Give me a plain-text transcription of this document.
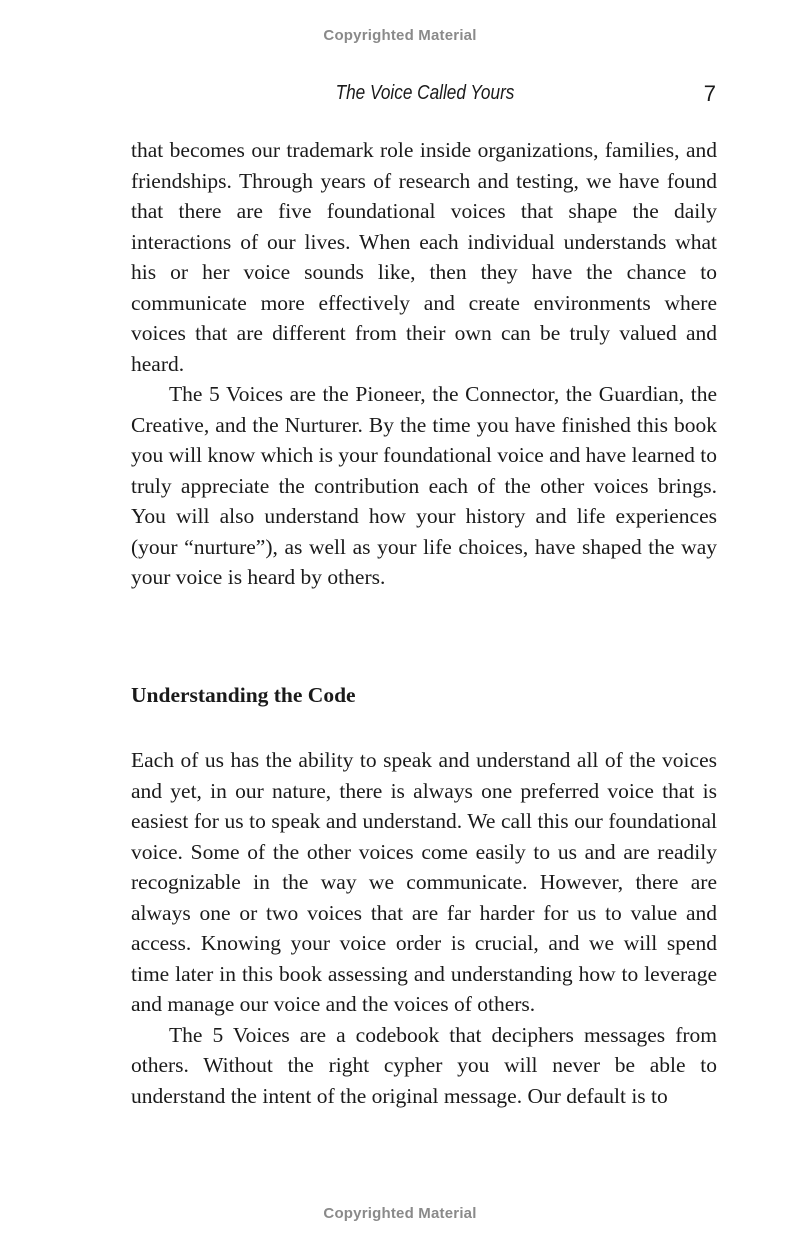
Copyrighted Material
The Voice Called Yours	7

that becomes our trademark role inside organizations, families, and friendships. Through years of research and testing, we have found that there are five foundational voices that shape the daily interactions of our lives. When each individual understands what his or her voice sounds like, then they have the chance to communicate more effectively and create environments where voices that are different from their own can be truly valued and heard.

The 5 Voices are the Pioneer, the Connector, the Guardian, the Creative, and the Nurturer. By the time you have finished this book you will know which is your foundational voice and have learned to truly appreciate the contribution each of the other voices brings. You will also understand how your history and life experiences (your “nurture”), as well as your life choices, have shaped the way your voice is heard by others.

Understanding the Code

Each of us has the ability to speak and understand all of the voices and yet, in our nature, there is always one preferred voice that is easiest for us to speak and understand. We call this our foundational voice. Some of the other voices come easily to us and are readily recognizable in the way we communicate. However, there are always one or two voices that are far harder for us to value and access. Knowing your voice order is crucial, and we will spend time later in this book assessing and understanding how to leverage and manage our voice and the voices of others.

The 5 Voices are a codebook that deciphers messages from others. Without the right cypher you will never be able to understand the intent of the original message. Our default is to

Copyrighted Material
